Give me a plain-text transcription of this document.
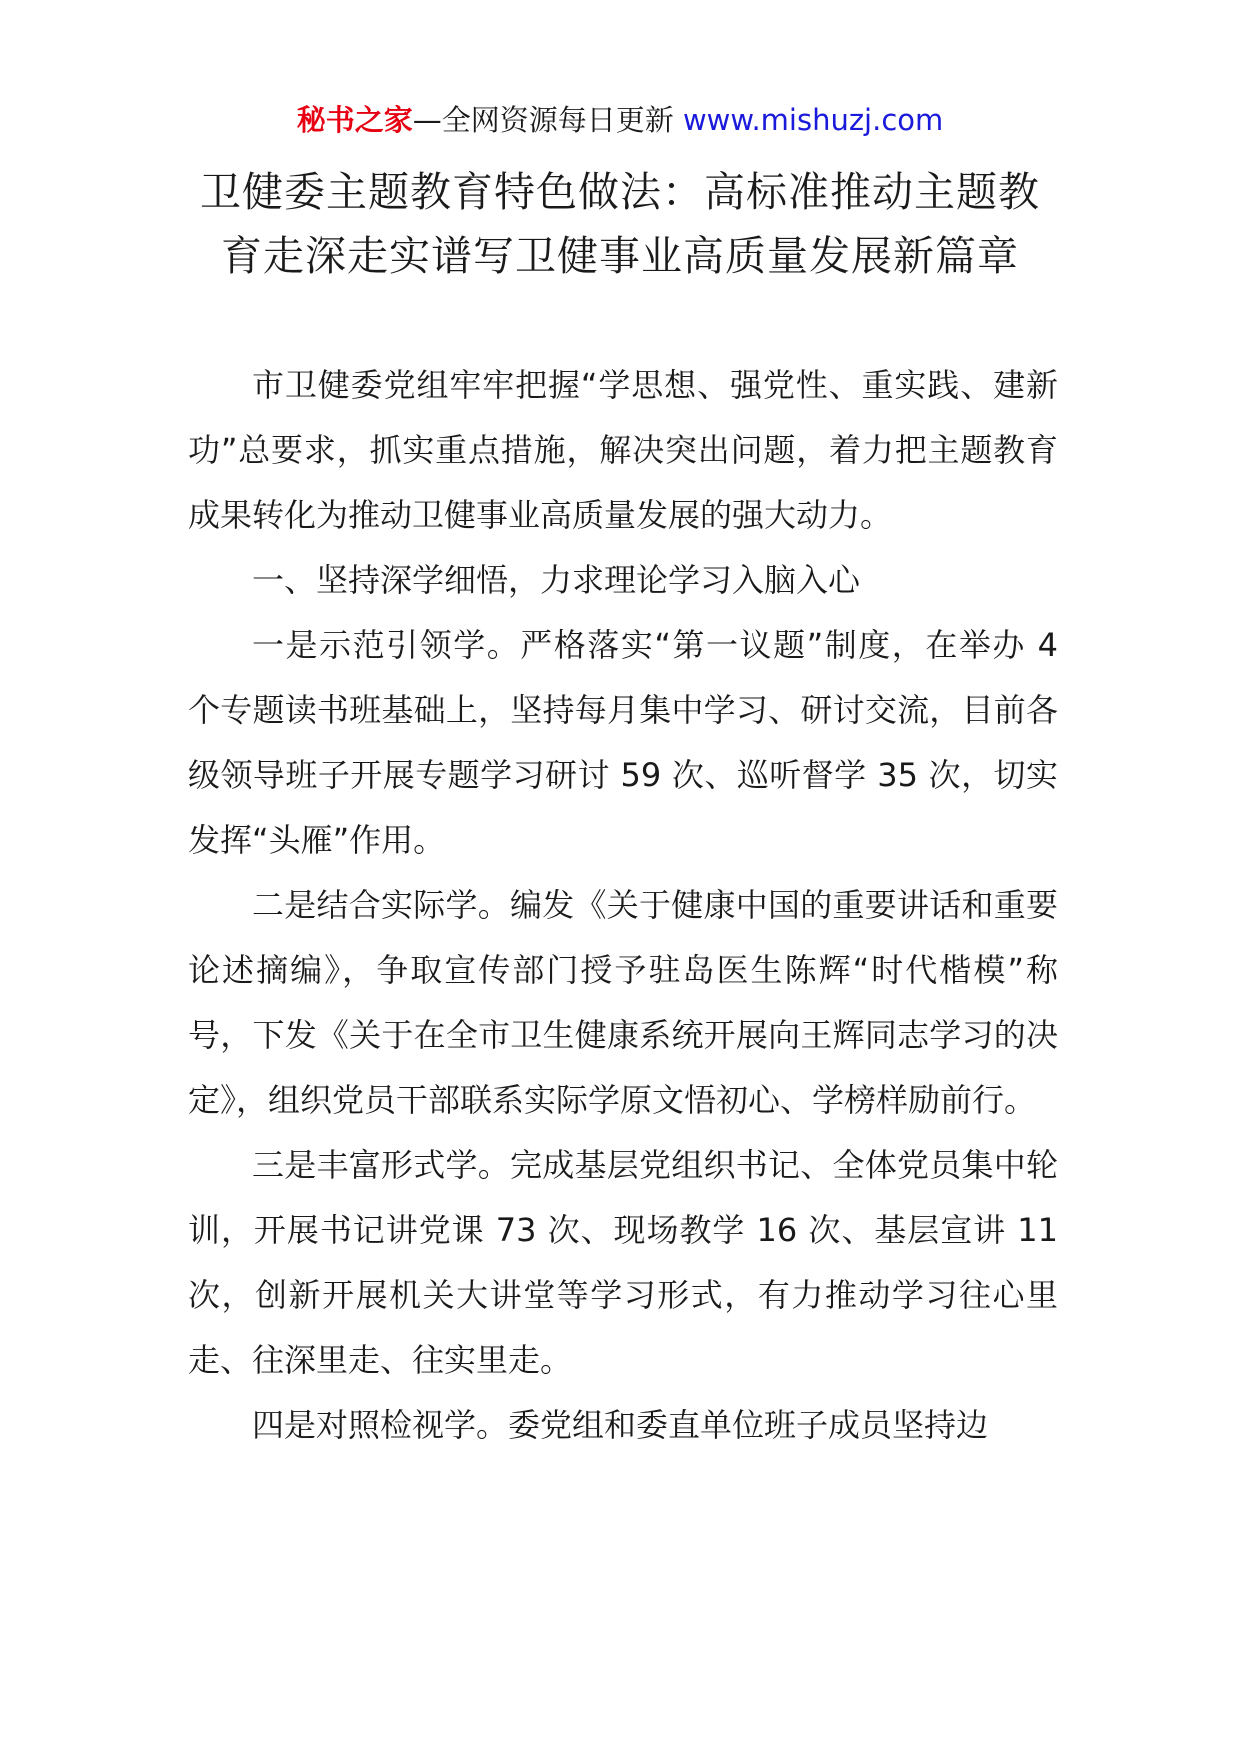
秘书之家—全网资源每日更新 www.mishuzj.com
卫健委主题教育特色做法：高标准推动主题教
育走深走实谱写卫健事业高质量发展新篇章

市卫健委党组牢牢把握“学思想、强党性、重实践、建新功”总要求，抓实重点措施，解决突出问题，着力把主题教育成果转化为推动卫健事业高质量发展的强大动力。

一、坚持深学细悟，力求理论学习入脑入心

一是示范引领学。严格落实“第一议题”制度，在举办 4 个专题读书班基础上，坚持每月集中学习、研讨交流，目前各级领导班子开展专题学习研讨 59 次、巡听督学 35 次，切实发挥“头雁”作用。

二是结合实际学。编发《关于健康中国的重要讲话和重要论述摘编》，争取宣传部门授予驻岛医生陈辉“时代楷模”称号，下发《关于在全市卫生健康系统开展向王辉同志学习的决定》，组织党员干部联系实际学原文悟初心、学榜样励前行。

三是丰富形式学。完成基层党组织书记、全体党员集中轮训，开展书记讲党课 73 次、现场教学 16 次、基层宣讲 11 次，创新开展机关大讲堂等学习形式，有力推动学习往心里走、往深里走、往实里走。

四是对照检视学。委党组和委直单位班子成员坚持边
